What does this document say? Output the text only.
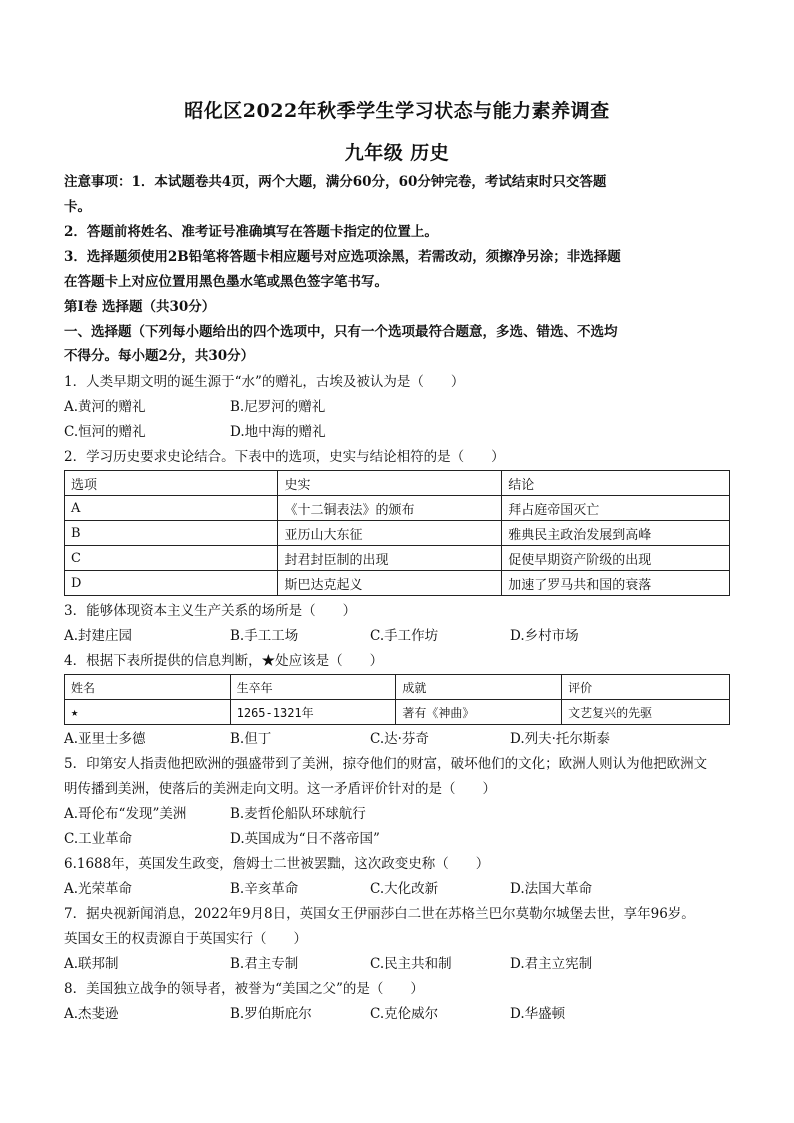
昭化区2022年秋季学生学习状态与能力素养调查
九年级 历史
注意事项：1．本试题卷共4页，两个大题，满分60分，60分钟完卷，考试结束时只交答题
卡。
2．答题前将姓名、准考证号准确填写在答题卡指定的位置上。
3．选择题须使用2B铅笔将答题卡相应题号对应选项涂黑，若需改动，须擦净另涂；非选择题
在答题卡上对应位置用黑色墨水笔或黑色签字笔书写。
第Ⅰ卷 选择题（共30分）
一、选择题（下列每小题给出的四个选项中，只有一个选项最符合题意，多选、错选、不选均
不得分。每小题2分，共30分）
1．人类早期文明的诞生源于“水”的赠礼，古埃及被认为是（　　）
A.黄河的赠礼	B.尼罗河的赠礼
C.恒河的赠礼	D.地中海的赠礼
2．学习历史要求史论结合。下表中的选项，史实与结论相符的是（　　）
选项	史实	结论
A	《十二铜表法》的颁布	拜占庭帝国灭亡
B	亚历山大东征	雅典民主政治发展到高峰
C	封君封臣制的出现	促使早期资产阶级的出现
D	斯巴达克起义	加速了罗马共和国的衰落
3．能够体现资本主义生产关系的场所是（　　）
A.封建庄园	B.手工工场	C.手工作坊	D.乡村市场
4．根据下表所提供的信息判断，★处应该是（　　）
姓名	生卒年	成就	评价
★	1265-1321年	著有《神曲》	文艺复兴的先驱
A.亚里士多德	B.但丁	C.达·芬奇	D.列夫·托尔斯泰
5．印第安人指责他把欧洲的强盛带到了美洲，掠夺他们的财富，破坏他们的文化；欧洲人则认为他把欧洲文
明传播到美洲，使落后的美洲走向文明。这一矛盾评价针对的是（　　）
A.哥伦布“发现”美洲	B.麦哲伦船队环球航行
C.工业革命	D.英国成为“日不落帝国”
6.1688年，英国发生政变，詹姆士二世被罢黜，这次政变史称（　　）
A.光荣革命	B.辛亥革命	C.大化改新	D.法国大革命
7．据央视新闻消息，2022年9月8日，英国女王伊丽莎白二世在苏格兰巴尔莫勒尔城堡去世，享年96岁。
英国女王的权责源自于英国实行（　　）
A.联邦制	B.君主专制	C.民主共和制	D.君主立宪制
8．美国独立战争的领导者，被誉为“美国之父”的是（　　）
A.杰斐逊	B.罗伯斯庇尔	C.克伦威尔	D.华盛顿
